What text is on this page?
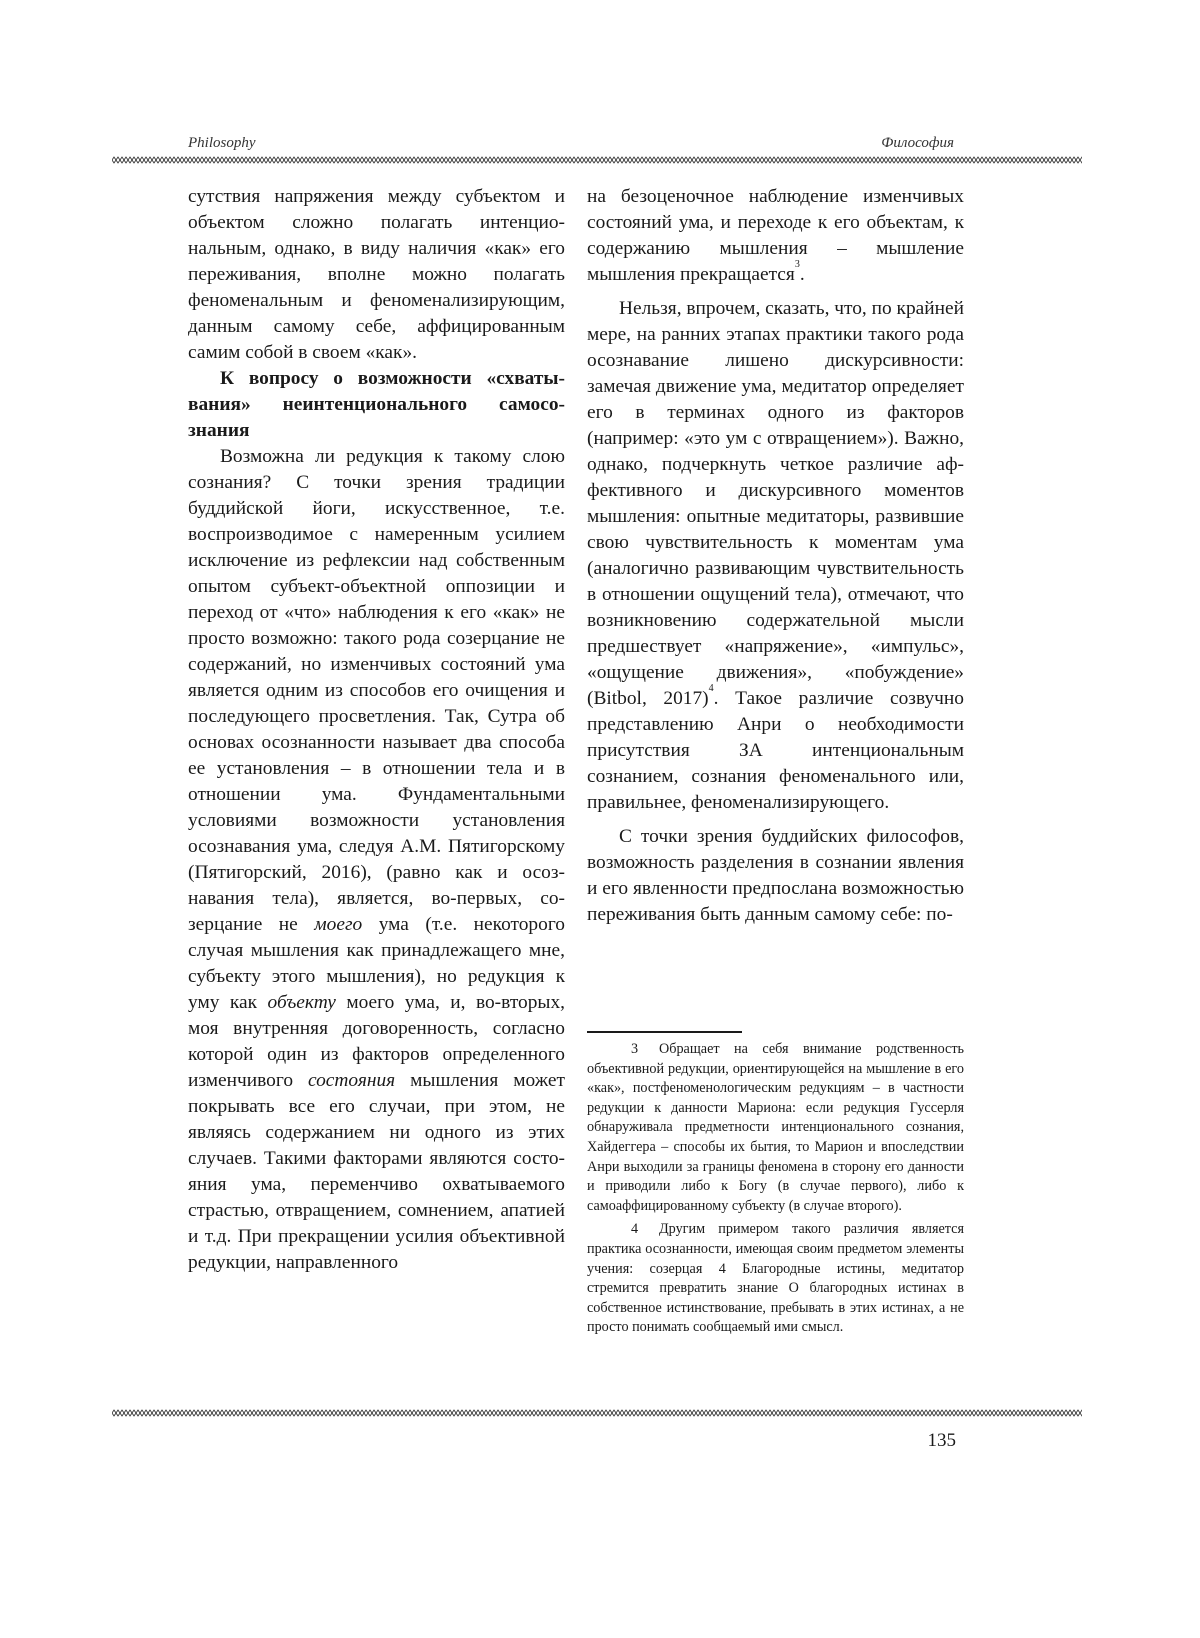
Philosophy	Философия

сутствия напряжения между субъектом и объектом сложно полагать интенциональным, однако, в виду наличия «как» его переживания, вполне можно полагать феноменальным и феноменализирующим, данным самому себе, аффицированным самим собой в своем «как».

К вопросу о возможности «схватывания» неинтенционального самосознания

Возможна ли редукция к такому слою сознания? С точки зрения традиции буддийской йоги, искусственное, т.е. воспроизводимое с намеренным усилием исключение из рефлексии над собственным опытом субъект-объектной оппозиции и переход от «что» наблюдения к его «как» не просто возможно: такого рода созерцание не содержаний, но изменчивых состояний ума является одним из способов его очищения и последующего просветления. Так, Сутра об основах осознанности называет два способа ее установления – в отношении тела и в отношении ума. Фундаментальными условиями возможности установления осознавания ума, следуя А.М. Пятигорскому (Пятигорский, 2016), (равно как и осознавания тела), является, во-первых, созерцание не моего ума (т.е. некоторого случая мышления как принадлежащего мне, субъекту этого мышления), но редукция к уму как объекту моего ума, и, во-вторых, моя внутренняя договоренность, согласно которой один из факторов определенного изменчивого состояния мышления может покрывать все его случаи, при этом, не являясь содержанием ни одного из этих случаев. Такими факторами являются состояния ума, переменчиво охватываемого страстью, отвращением, сомнением, апатией и т.д. При прекращении усилия объективной редукции, направленного

на безоценочное наблюдение изменчивых состояний ума, и переходе к его объектам, к содержанию мышления – мышление мышления прекращается$^3$.

Нельзя, впрочем, сказать, что, по крайней мере, на ранних этапах практики такого рода осознавание лишено дискурсивности: замечая движение ума, медитатор определяет его в терминах одного из факторов (например: «это ум с отвращением»). Важно, однако, подчеркнуть четкое различие аффективного и дискурсивного моментов мышления: опытные медитаторы, развившие свою чувствительность к моментам ума (аналогично развивающим чувствительность в отношении ощущений тела), отмечают, что возникновению содержательной мысли предшествует «напряжение», «импульс», «ощущение движения», «побуждение» (Bitbol, 2017)$^4$. Такое различие созвучно представлению Анри о необходимости присутствия ЗА интенциональным сознанием, сознания феноменального или, правильнее, феноменализирующего.

С точки зрения буддийских философов, возможность разделения в сознании явления и его явленности предпослана возможностью переживания быть данным самому себе: по-

3 Обращает на себя внимание родственность объективной редукции, ориентирующейся на мышление в его «как», постфеноменологическим редукциям – в частности редукции к данности Мариона: если редукция Гуссерля обнаруживала предметности интенционального сознания, Хайдеггера – способы их бытия, то Марион и впоследствии Анри выходили за границы феномена в сторону его данности и приводили либо к Богу (в случае первого), либо к самоаффицированному субъекту (в случае второго).

4 Другим примером такого различия является практика осознанности, имеющая своим предметом элементы учения: созерцая 4 Благородные истины, медитатор стремится превратить знание О благородных истинах в собственное истинствование, пребывать в этих истинах, а не просто понимать сообщаемый ими смысл.

135
